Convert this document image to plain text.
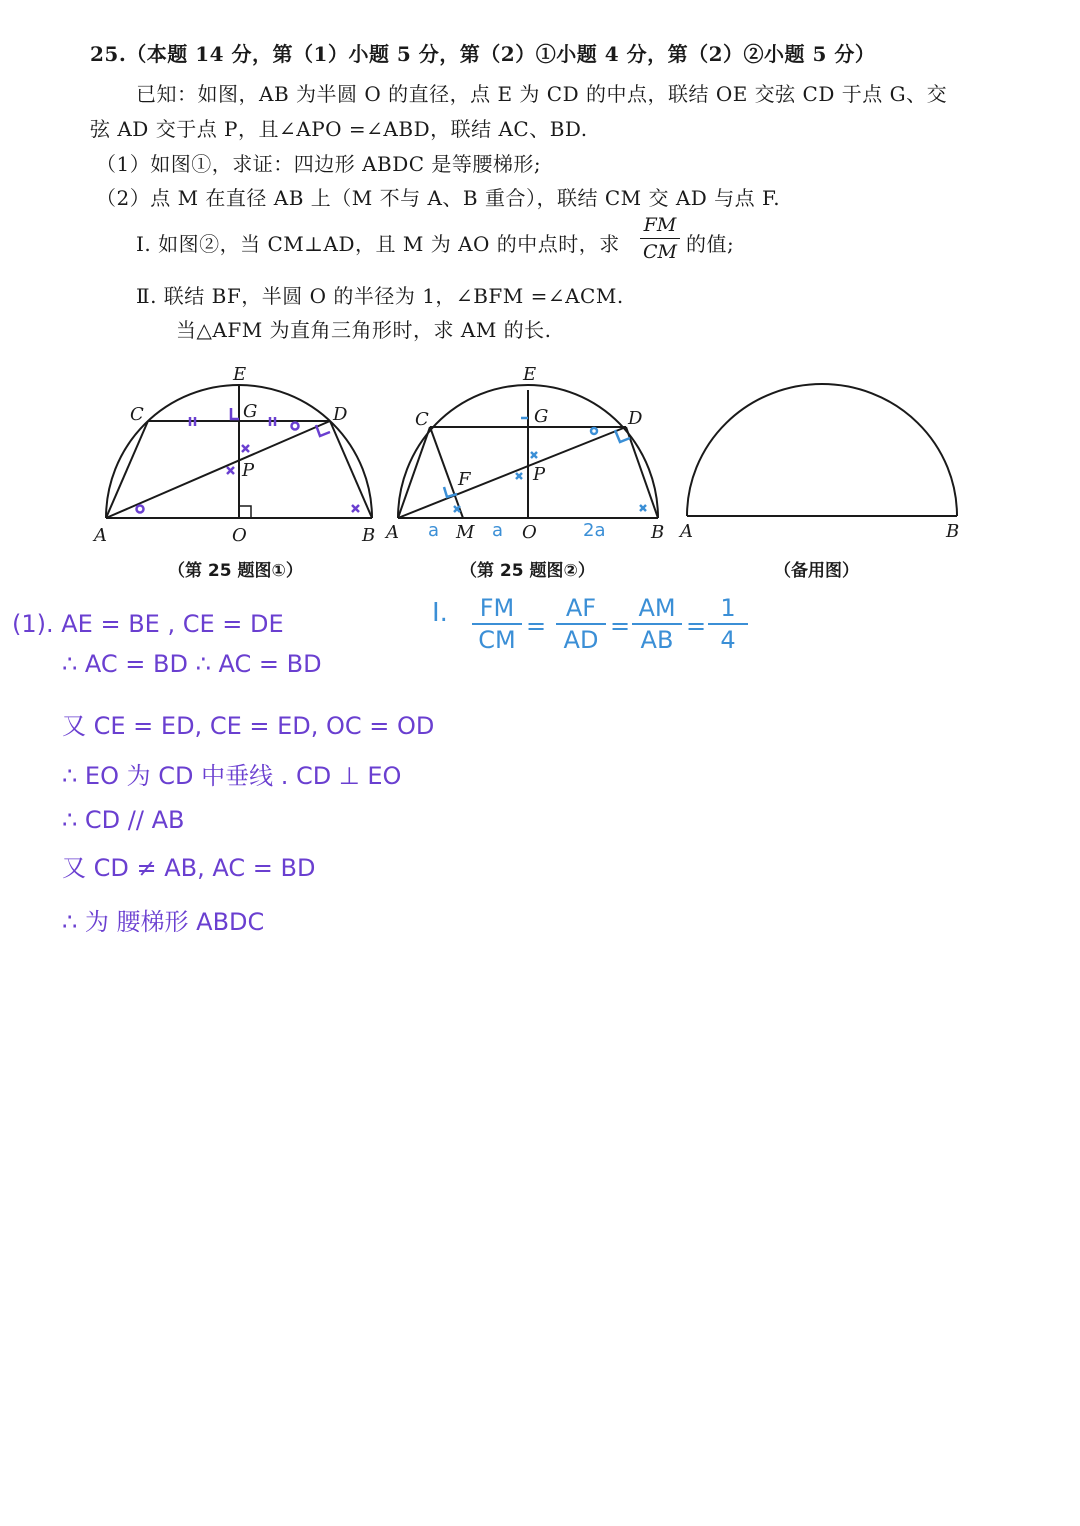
25.（本题 14 分，第（1）小题 5 分，第（2）①小题 4 分，第（2）②小题 5 分）
已知：如图，AB 为半圆 O 的直径，点 E 为 CD 的中点，联结 OE 交弦 CD 于点 G、交
弦 AD 交于点 P，且∠APO =∠ABD，联结 AC、BD.
（1）如图①，求证：四边形 ABDC 是等腰梯形;
（2）点 M 在直径 AB 上（M 不与 A、B 重合），联结 CM 交 AD 与点 F.
Ⅰ. 如图②，当 CM⊥AD，且 M 为 AO 的中点时，求
FM
CM 的值;
Ⅱ. 联结 BF，半圆 O 的半径为 1，∠BFM =∠ACM.
当△AFM 为直角三角形时，求 AM 的长.
E
C	G	D
P
A	O	B
E
C	G	D
F	P
A	M	O	B
a	a	2a	A	B
（第 25 题图①）	（第 25 题图②）	（备用图）
(1). AE = BE , CE = DE
∴ AC = BD ∴ AC = BD
又 CE = ED, CE = ED, OC = OD
∴ EO 为 CD 中垂线 . CD ⊥ EO
∴ CD // AB
又 CD ≠ AB, AC = BD
∴ 为 腰梯形 ABDC
I.	FM
CM =
AF
AD =
AM
AB =
1
4
